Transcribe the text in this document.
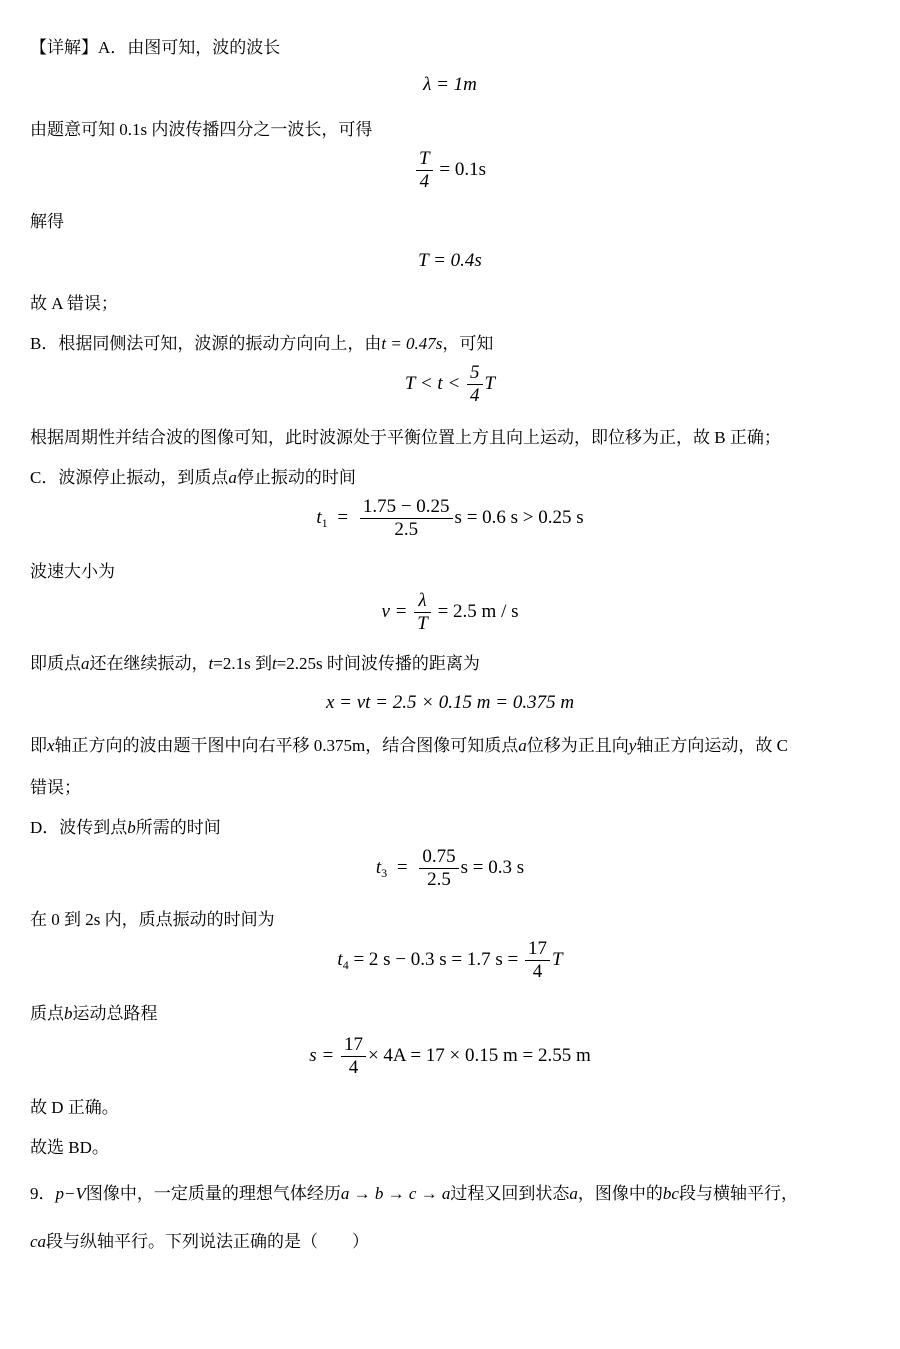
【详解】A．由图可知，波的波长
λ = 1m
由题意可知 0.1s 内波传播四分之一波长，可得
$\frac{T}{4} = 0.1s$
解得
T = 0.4s
故 A 错误；
B．根据同侧法可知，波源的振动方向向上，由t = 0.47s，可知
$T < t < \frac{5}{4}$ T
根据周期性并结合波的图像可知，此时波源处于平衡位置上方且向上运动，即位移为正，故 B 正确；
C．波源停止振动，到质点a停止振动的时间
$t_1 = \frac{1.75 - 0.25}{2.5}$ s = 0.6 s > 0.25 s
波速大小为
$v = \frac{\lambda}{T} = 2.5$ m / s
即质点a还在继续振动，t=2.1s 到t=2.25s 时间波传播的距离为
x = vt = 2.5 × 0.15 m = 0.375 m
即x轴正方向的波由题干图中向右平移 0.375m，结合图像可知质点a位移为正且向y轴正方向运动，故 C
错误；
D．波传到点b所需的时间
$t_3 = \frac{0.75}{2.5}$ s = 0.3 s
在 0 到 2s 内，质点振动的时间为
$t_4 = 2$ s − 0.3 s = 1.7 $s = \frac{17}{4}$ T
质点b运动总路程
$s = \frac{17}{4} \times 4A = 17 \times 0.15$ m = 2.55 m
故 D 正确。
故选 BD。
9．p−V图像中，一定质量的理想气体经历a → b → c → a过程又回到状态a，图像中的bc段与横轴平行，
ca段与纵轴平行。下列说法正确的是（　　）
